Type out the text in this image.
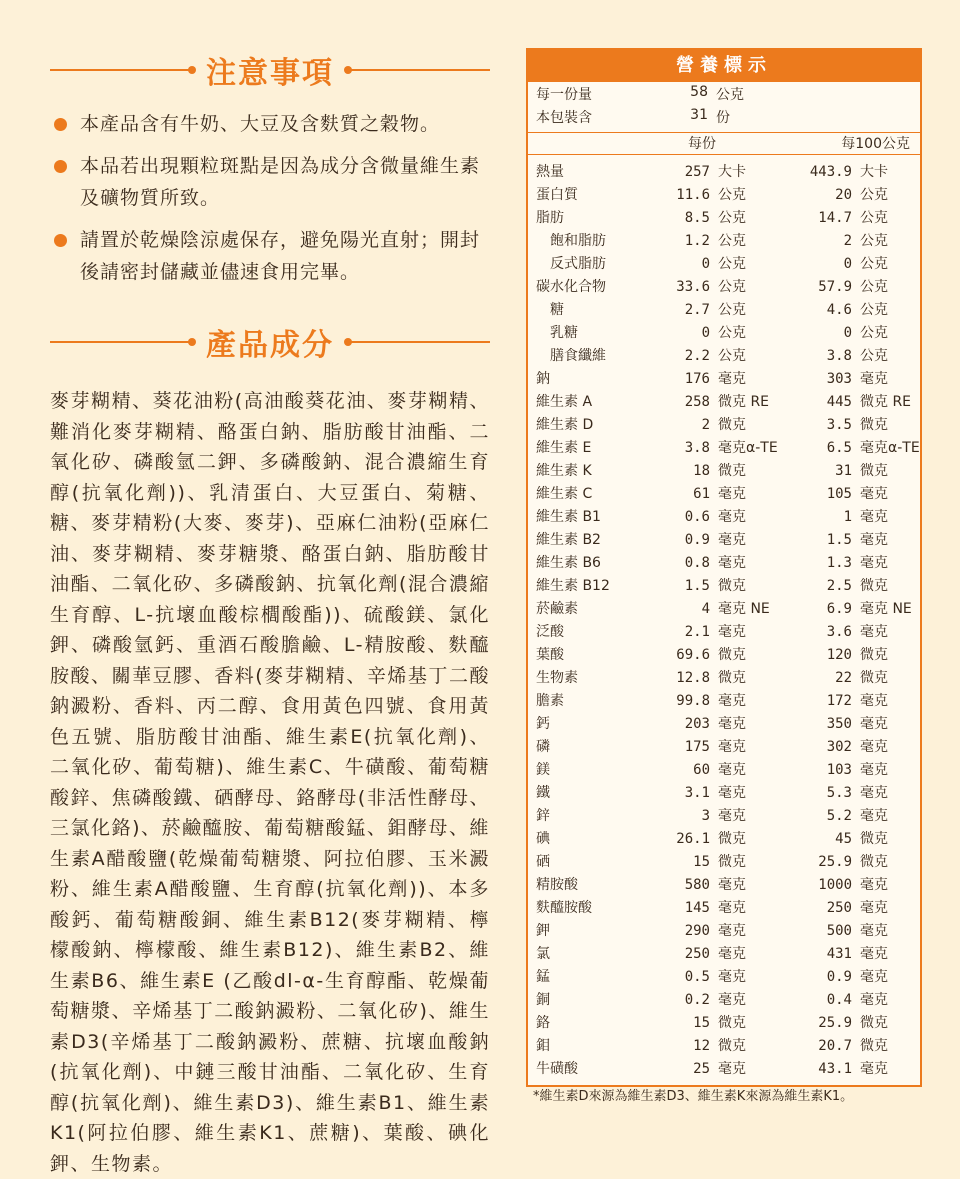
注意事項
本產品含有牛奶、大豆及含麩質之穀物。
本品若出現顆粒斑點是因為成分含微量維生素及礦物質所致。
請置於乾燥陰涼處保存，避免陽光直射；開封後請密封儲藏並儘速食用完畢。
產品成分

麥芽糊精、葵花油粉(高油酸葵花油、麥芽糊精、難消化麥芽糊精、酪蛋白鈉、脂肪酸甘油酯、二氧化矽、磷酸氫二鉀、多磷酸鈉、混合濃縮生育醇(抗氧化劑))、乳清蛋白、大豆蛋白、菊糖、糖、麥芽精粉(大麥、麥芽)、亞麻仁油粉(亞麻仁油、麥芽糊精、麥芽糖漿、酪蛋白鈉、脂肪酸甘油酯、二氧化矽、多磷酸鈉、抗氧化劑(混合濃縮生育醇、L-抗壞血酸棕櫚酸酯))、硫酸鎂、氯化鉀、磷酸氫鈣、重酒石酸膽鹼、L-精胺酸、麩醯胺酸、關華豆膠、香料(麥芽糊精、辛烯基丁二酸鈉澱粉、香料、丙二醇、食用黃色四號、食用黃色五號、脂肪酸甘油酯、維生素E(抗氧化劑)、二氧化矽、葡萄糖)、維生素C、牛磺酸、葡萄糖酸鋅、焦磷酸鐵、硒酵母、鉻酵母(非活性酵母、三氯化鉻)、菸鹼醯胺、葡萄糖酸錳、鉬酵母、維生素A醋酸鹽(乾燥葡萄糖漿、阿拉伯膠、玉米澱粉、維生素A醋酸鹽、生育醇(抗氧化劑))、本多酸鈣、葡萄糖酸銅、維生素B12(麥芽糊精、檸檬酸鈉、檸檬酸、維生素B12)、維生素B2、維生素B6、維生素E (乙酸dl-α-生育醇酯、乾燥葡萄糖漿、辛烯基丁二酸鈉澱粉、二氧化矽)、維生素D3(辛烯基丁二酸鈉澱粉、蔗糖、抗壞血酸鈉(抗氧化劑)、中鏈三酸甘油酯、二氧化矽、生育醇(抗氧化劑)、維生素D3)、維生素B1、維生素K1(阿拉伯膠、維生素K1、蔗糖)、葉酸、碘化鉀、生物素。

營養標示
每一份量	58 公克
本包裝含	31 份
每份	每100公克
熱量	257 大卡	443.9 大卡
蛋白質	11.6 公克	20 公克
脂肪	8.5 公克	14.7 公克
飽和脂肪	1.2 公克	2 公克
反式脂肪	0 公克	0 公克
碳水化合物	33.6 公克	57.9 公克
糖	2.7 公克	4.6 公克
乳糖	0 公克	0 公克
膳食纖維	2.2 公克	3.8 公克
鈉	176 毫克	303 毫克
維生素 A	258 微克 RE	445 微克 RE
維生素 D	2 微克	3.5 微克
維生素 E	3.8 毫克α-TE	6.5 毫克α-TE
維生素 K	18 微克	31 微克
維生素 C	61 毫克	105 毫克
維生素 B1	0.6 毫克	1 毫克
維生素 B2	0.9 毫克	1.5 毫克
維生素 B6	0.8 毫克	1.3 毫克
維生素 B12	1.5 微克	2.5 微克
菸鹼素	4 毫克 NE	6.9 毫克 NE
泛酸	2.1 毫克	3.6 毫克
葉酸	69.6 微克	120 微克
生物素	12.8 微克	22 微克
膽素	99.8 毫克	172 毫克
鈣	203 毫克	350 毫克
磷	175 毫克	302 毫克
鎂	60 毫克	103 毫克
鐵	3.1 毫克	5.3 毫克
鋅	3 毫克	5.2 毫克
碘	26.1 微克	45 微克
硒	15 微克	25.9 微克
精胺酸	580 毫克	1000 毫克
麩醯胺酸	145 毫克	250 毫克
鉀	290 毫克	500 毫克
氯	250 毫克	431 毫克
錳	0.5 毫克	0.9 毫克
銅	0.2 毫克	0.4 毫克
鉻	15 微克	25.9 微克
鉬	12 微克	20.7 微克
牛磺酸	25 毫克	43.1 毫克
*維生素D來源為維生素D3、維生素K來源為維生素K1。
